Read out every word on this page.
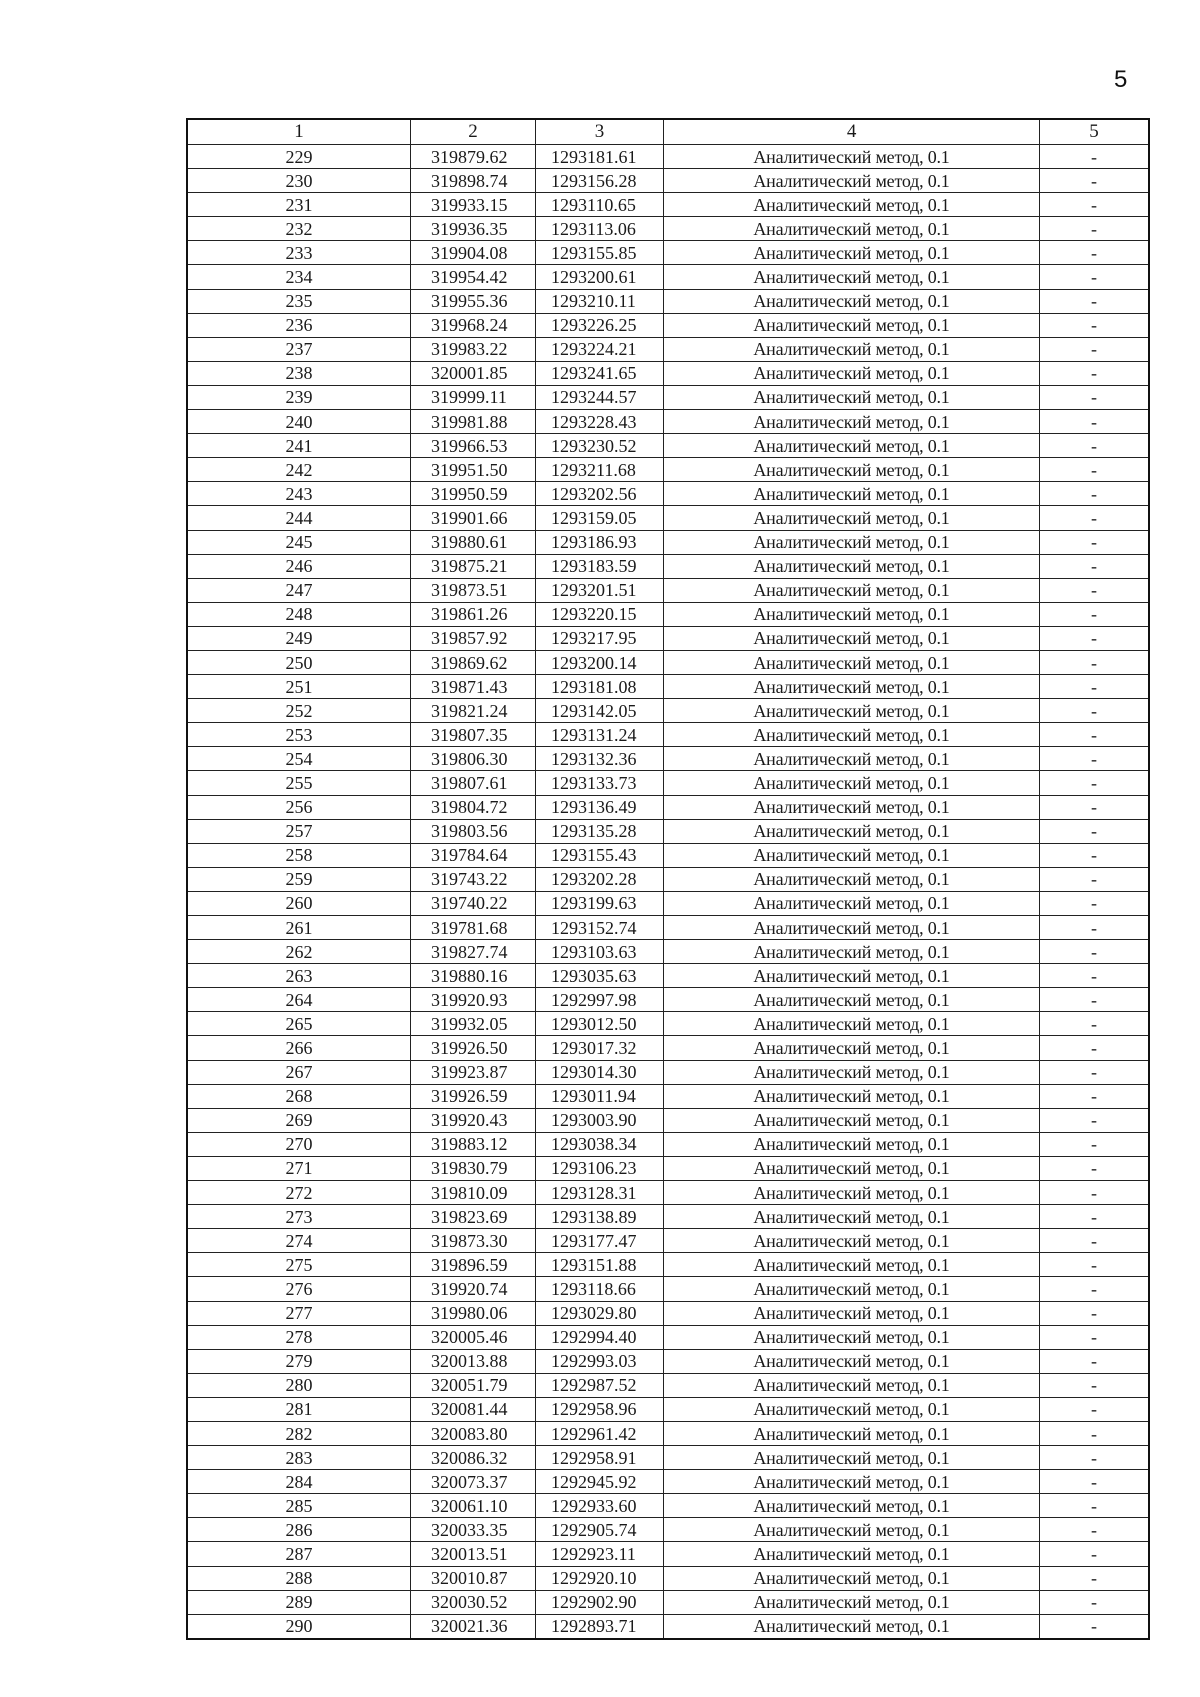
5
1	2	3	4	5
229	319879.62	1293181.61	Аналитический метод, 0.1	-
230	319898.74	1293156.28	Аналитический метод, 0.1	-
231	319933.15	1293110.65	Аналитический метод, 0.1	-
232	319936.35	1293113.06	Аналитический метод, 0.1	-
233	319904.08	1293155.85	Аналитический метод, 0.1	-
234	319954.42	1293200.61	Аналитический метод, 0.1	-
235	319955.36	1293210.11	Аналитический метод, 0.1	-
236	319968.24	1293226.25	Аналитический метод, 0.1	-
237	319983.22	1293224.21	Аналитический метод, 0.1	-
238	320001.85	1293241.65	Аналитический метод, 0.1	-
239	319999.11	1293244.57	Аналитический метод, 0.1	-
240	319981.88	1293228.43	Аналитический метод, 0.1	-
241	319966.53	1293230.52	Аналитический метод, 0.1	-
242	319951.50	1293211.68	Аналитический метод, 0.1	-
243	319950.59	1293202.56	Аналитический метод, 0.1	-
244	319901.66	1293159.05	Аналитический метод, 0.1	-
245	319880.61	1293186.93	Аналитический метод, 0.1	-
246	319875.21	1293183.59	Аналитический метод, 0.1	-
247	319873.51	1293201.51	Аналитический метод, 0.1	-
248	319861.26	1293220.15	Аналитический метод, 0.1	-
249	319857.92	1293217.95	Аналитический метод, 0.1	-
250	319869.62	1293200.14	Аналитический метод, 0.1	-
251	319871.43	1293181.08	Аналитический метод, 0.1	-
252	319821.24	1293142.05	Аналитический метод, 0.1	-
253	319807.35	1293131.24	Аналитический метод, 0.1	-
254	319806.30	1293132.36	Аналитический метод, 0.1	-
255	319807.61	1293133.73	Аналитический метод, 0.1	-
256	319804.72	1293136.49	Аналитический метод, 0.1	-
257	319803.56	1293135.28	Аналитический метод, 0.1	-
258	319784.64	1293155.43	Аналитический метод, 0.1	-
259	319743.22	1293202.28	Аналитический метод, 0.1	-
260	319740.22	1293199.63	Аналитический метод, 0.1	-
261	319781.68	1293152.74	Аналитический метод, 0.1	-
262	319827.74	1293103.63	Аналитический метод, 0.1	-
263	319880.16	1293035.63	Аналитический метод, 0.1	-
264	319920.93	1292997.98	Аналитический метод, 0.1	-
265	319932.05	1293012.50	Аналитический метод, 0.1	-
266	319926.50	1293017.32	Аналитический метод, 0.1	-
267	319923.87	1293014.30	Аналитический метод, 0.1	-
268	319926.59	1293011.94	Аналитический метод, 0.1	-
269	319920.43	1293003.90	Аналитический метод, 0.1	-
270	319883.12	1293038.34	Аналитический метод, 0.1	-
271	319830.79	1293106.23	Аналитический метод, 0.1	-
272	319810.09	1293128.31	Аналитический метод, 0.1	-
273	319823.69	1293138.89	Аналитический метод, 0.1	-
274	319873.30	1293177.47	Аналитический метод, 0.1	-
275	319896.59	1293151.88	Аналитический метод, 0.1	-
276	319920.74	1293118.66	Аналитический метод, 0.1	-
277	319980.06	1293029.80	Аналитический метод, 0.1	-
278	320005.46	1292994.40	Аналитический метод, 0.1	-
279	320013.88	1292993.03	Аналитический метод, 0.1	-
280	320051.79	1292987.52	Аналитический метод, 0.1	-
281	320081.44	1292958.96	Аналитический метод, 0.1	-
282	320083.80	1292961.42	Аналитический метод, 0.1	-
283	320086.32	1292958.91	Аналитический метод, 0.1	-
284	320073.37	1292945.92	Аналитический метод, 0.1	-
285	320061.10	1292933.60	Аналитический метод, 0.1	-
286	320033.35	1292905.74	Аналитический метод, 0.1	-
287	320013.51	1292923.11	Аналитический метод, 0.1	-
288	320010.87	1292920.10	Аналитический метод, 0.1	-
289	320030.52	1292902.90	Аналитический метод, 0.1	-
290	320021.36	1292893.71	Аналитический метод, 0.1	-
